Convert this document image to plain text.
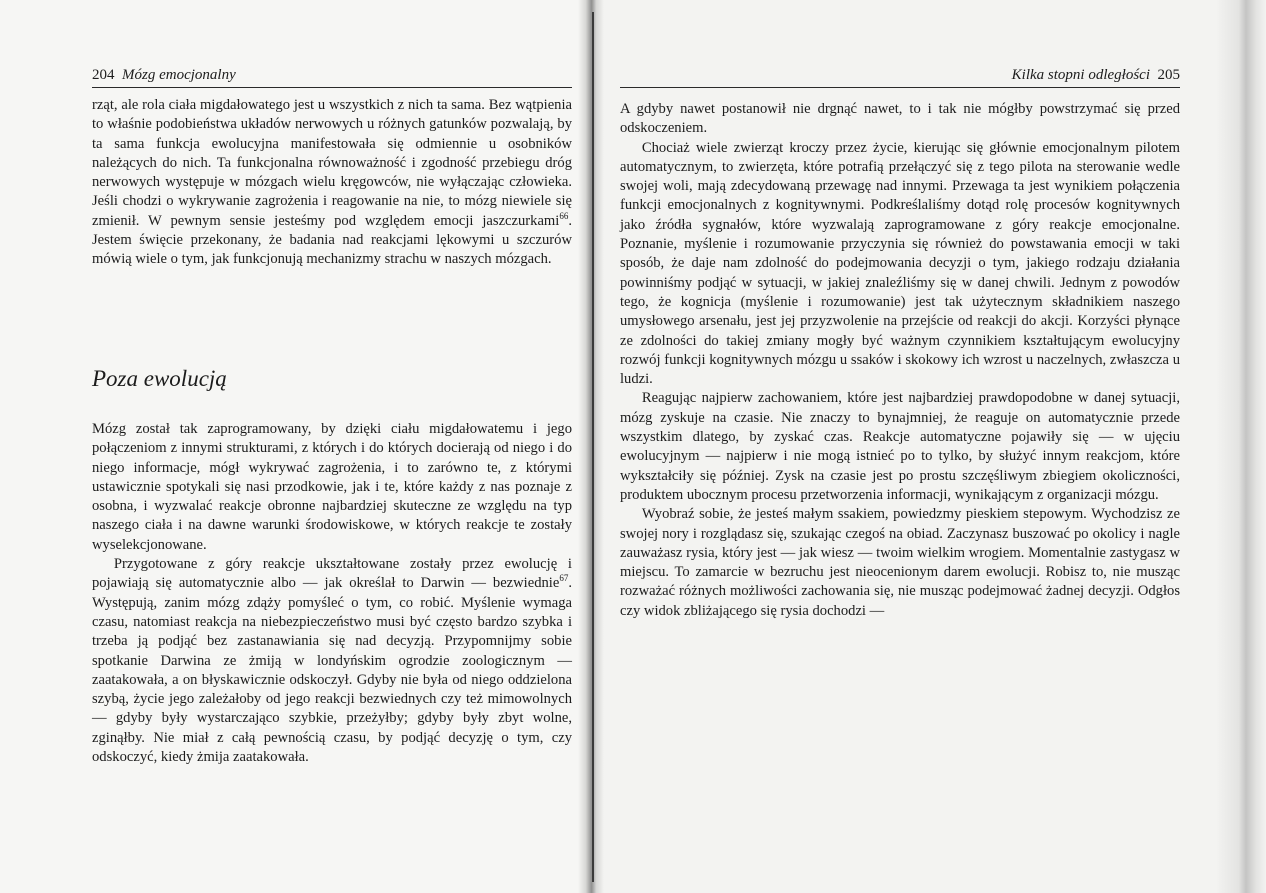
204 Mózg emocjonalny

rząt, ale rola ciała migdałowatego jest u wszystkich z nich ta sama. Bez wątpienia to właśnie podobieństwa układów nerwowych u różnych gatunków pozwalają, by ta sama funkcja ewolucyjna manifestowała się odmiennie u osobników należących do nich. Ta funkcjonalna równoważność i zgodność przebiegu dróg nerwowych występuje w mózgach wielu kręgowców, nie wyłączając człowieka. Jeśli chodzi o wykrywanie zagrożenia i reagowanie na nie, to mózg niewiele się zmienił. W pewnym sensie jesteśmy pod względem emocji jaszczurkami$^{66}$. Jestem święcie przekonany, że badania nad reakcjami lękowymi u szczurów mówią wiele o tym, jak funkcjonują mechanizmy strachu w naszych mózgach.

Poza ewolucją

Mózg został tak zaprogramowany, by dzięki ciału migdałowatemu i jego połączeniom z innymi strukturami, z których i do których docierają od niego i do niego informacje, mógł wykrywać zagrożenia, i to zarówno te, z którymi ustawicznie spotykali się nasi przodkowie, jak i te, które każdy z nas poznaje z osobna, i wyzwalać reakcje obronne najbardziej skuteczne ze względu na typ naszego ciała i na dawne warunki środowiskowe, w których reakcje te zostały wyselekcjonowane.

Przygotowane z góry reakcje ukształtowane zostały przez ewolucję i pojawiają się automatycznie albo — jak określał to Darwin — bezwiednie$^{67}$. Występują, zanim mózg zdąży pomyśleć o tym, co robić. Myślenie wymaga czasu, natomiast reakcja na niebezpieczeństwo musi być często bardzo szybka i trzeba ją podjąć bez zastanawiania się nad decyzją. Przypomnijmy sobie spotkanie Darwina ze żmiją w londyńskim ogrodzie zoologicznym — zaatakowała, a on błyskawicznie odskoczył. Gdyby nie była od niego oddzielona szybą, życie jego zależałoby od jego reakcji bezwiednych czy też mimowolnych — gdyby były wystarczająco szybkie, przeżyłby; gdyby były zbyt wolne, zginąłby. Nie miał z całą pewnością czasu, by podjąć decyzję o tym, czy odskoczyć, kiedy żmija zaatakowała.

Kilka stopni odległości 205

A gdyby nawet postanowił nie drgnąć nawet, to i tak nie mógłby powstrzymać się przed odskoczeniem.

Chociaż wiele zwierząt kroczy przez życie, kierując się głównie emocjonalnym pilotem automatycznym, to zwierzęta, które potrafią przełączyć się z tego pilota na sterowanie wedle swojej woli, mają zdecydowaną przewagę nad innymi. Przewaga ta jest wynikiem połączenia funkcji emocjonalnych z kognitywnymi. Podkreślaliśmy dotąd rolę procesów kognitywnych jako źródła sygnałów, które wyzwalają zaprogramowane z góry reakcje emocjonalne. Poznanie, myślenie i rozumowanie przyczynia się również do powstawania emocji w taki sposób, że daje nam zdolność do podejmowania decyzji o tym, jakiego rodzaju działania powinniśmy podjąć w sytuacji, w jakiej znaleźliśmy się w danej chwili. Jednym z powodów tego, że kognicja (myślenie i rozumowanie) jest tak użytecznym składnikiem naszego umysłowego arsenału, jest jej przyzwolenie na przejście od reakcji do akcji. Korzyści płynące ze zdolności do takiej zmiany mogły być ważnym czynnikiem kształtującym ewolucyjny rozwój funkcji kognitywnych mózgu u ssaków i skokowy ich wzrost u naczelnych, zwłaszcza u ludzi.

Reagując najpierw zachowaniem, które jest najbardziej prawdopodobne w danej sytuacji, mózg zyskuje na czasie. Nie znaczy to bynajmniej, że reaguje on automatycznie przede wszystkim dlatego, by zyskać czas. Reakcje automatyczne pojawiły się — w ujęciu ewolucyjnym — najpierw i nie mogą istnieć po to tylko, by służyć innym reakcjom, które wykształciły się później. Zysk na czasie jest po prostu szczęśliwym zbiegiem okoliczności, produktem ubocznym procesu przetworzenia informacji, wynikającym z organizacji mózgu.

Wyobraź sobie, że jesteś małym ssakiem, powiedzmy pieskiem stepowym. Wychodzisz ze swojej nory i rozglądasz się, szukając czegoś na obiad. Zaczynasz buszować po okolicy i nagle zauważasz rysia, który jest — jak wiesz — twoim wielkim wrogiem. Momentalnie zastygasz w miejscu. To zamarcie w bezruchu jest nieocenionym darem ewolucji. Robisz to, nie musząc rozważać różnych możliwości zachowania się, nie musząc podejmować żadnej decyzji. Odgłos czy widok zbliżającego się rysia dochodzi —
